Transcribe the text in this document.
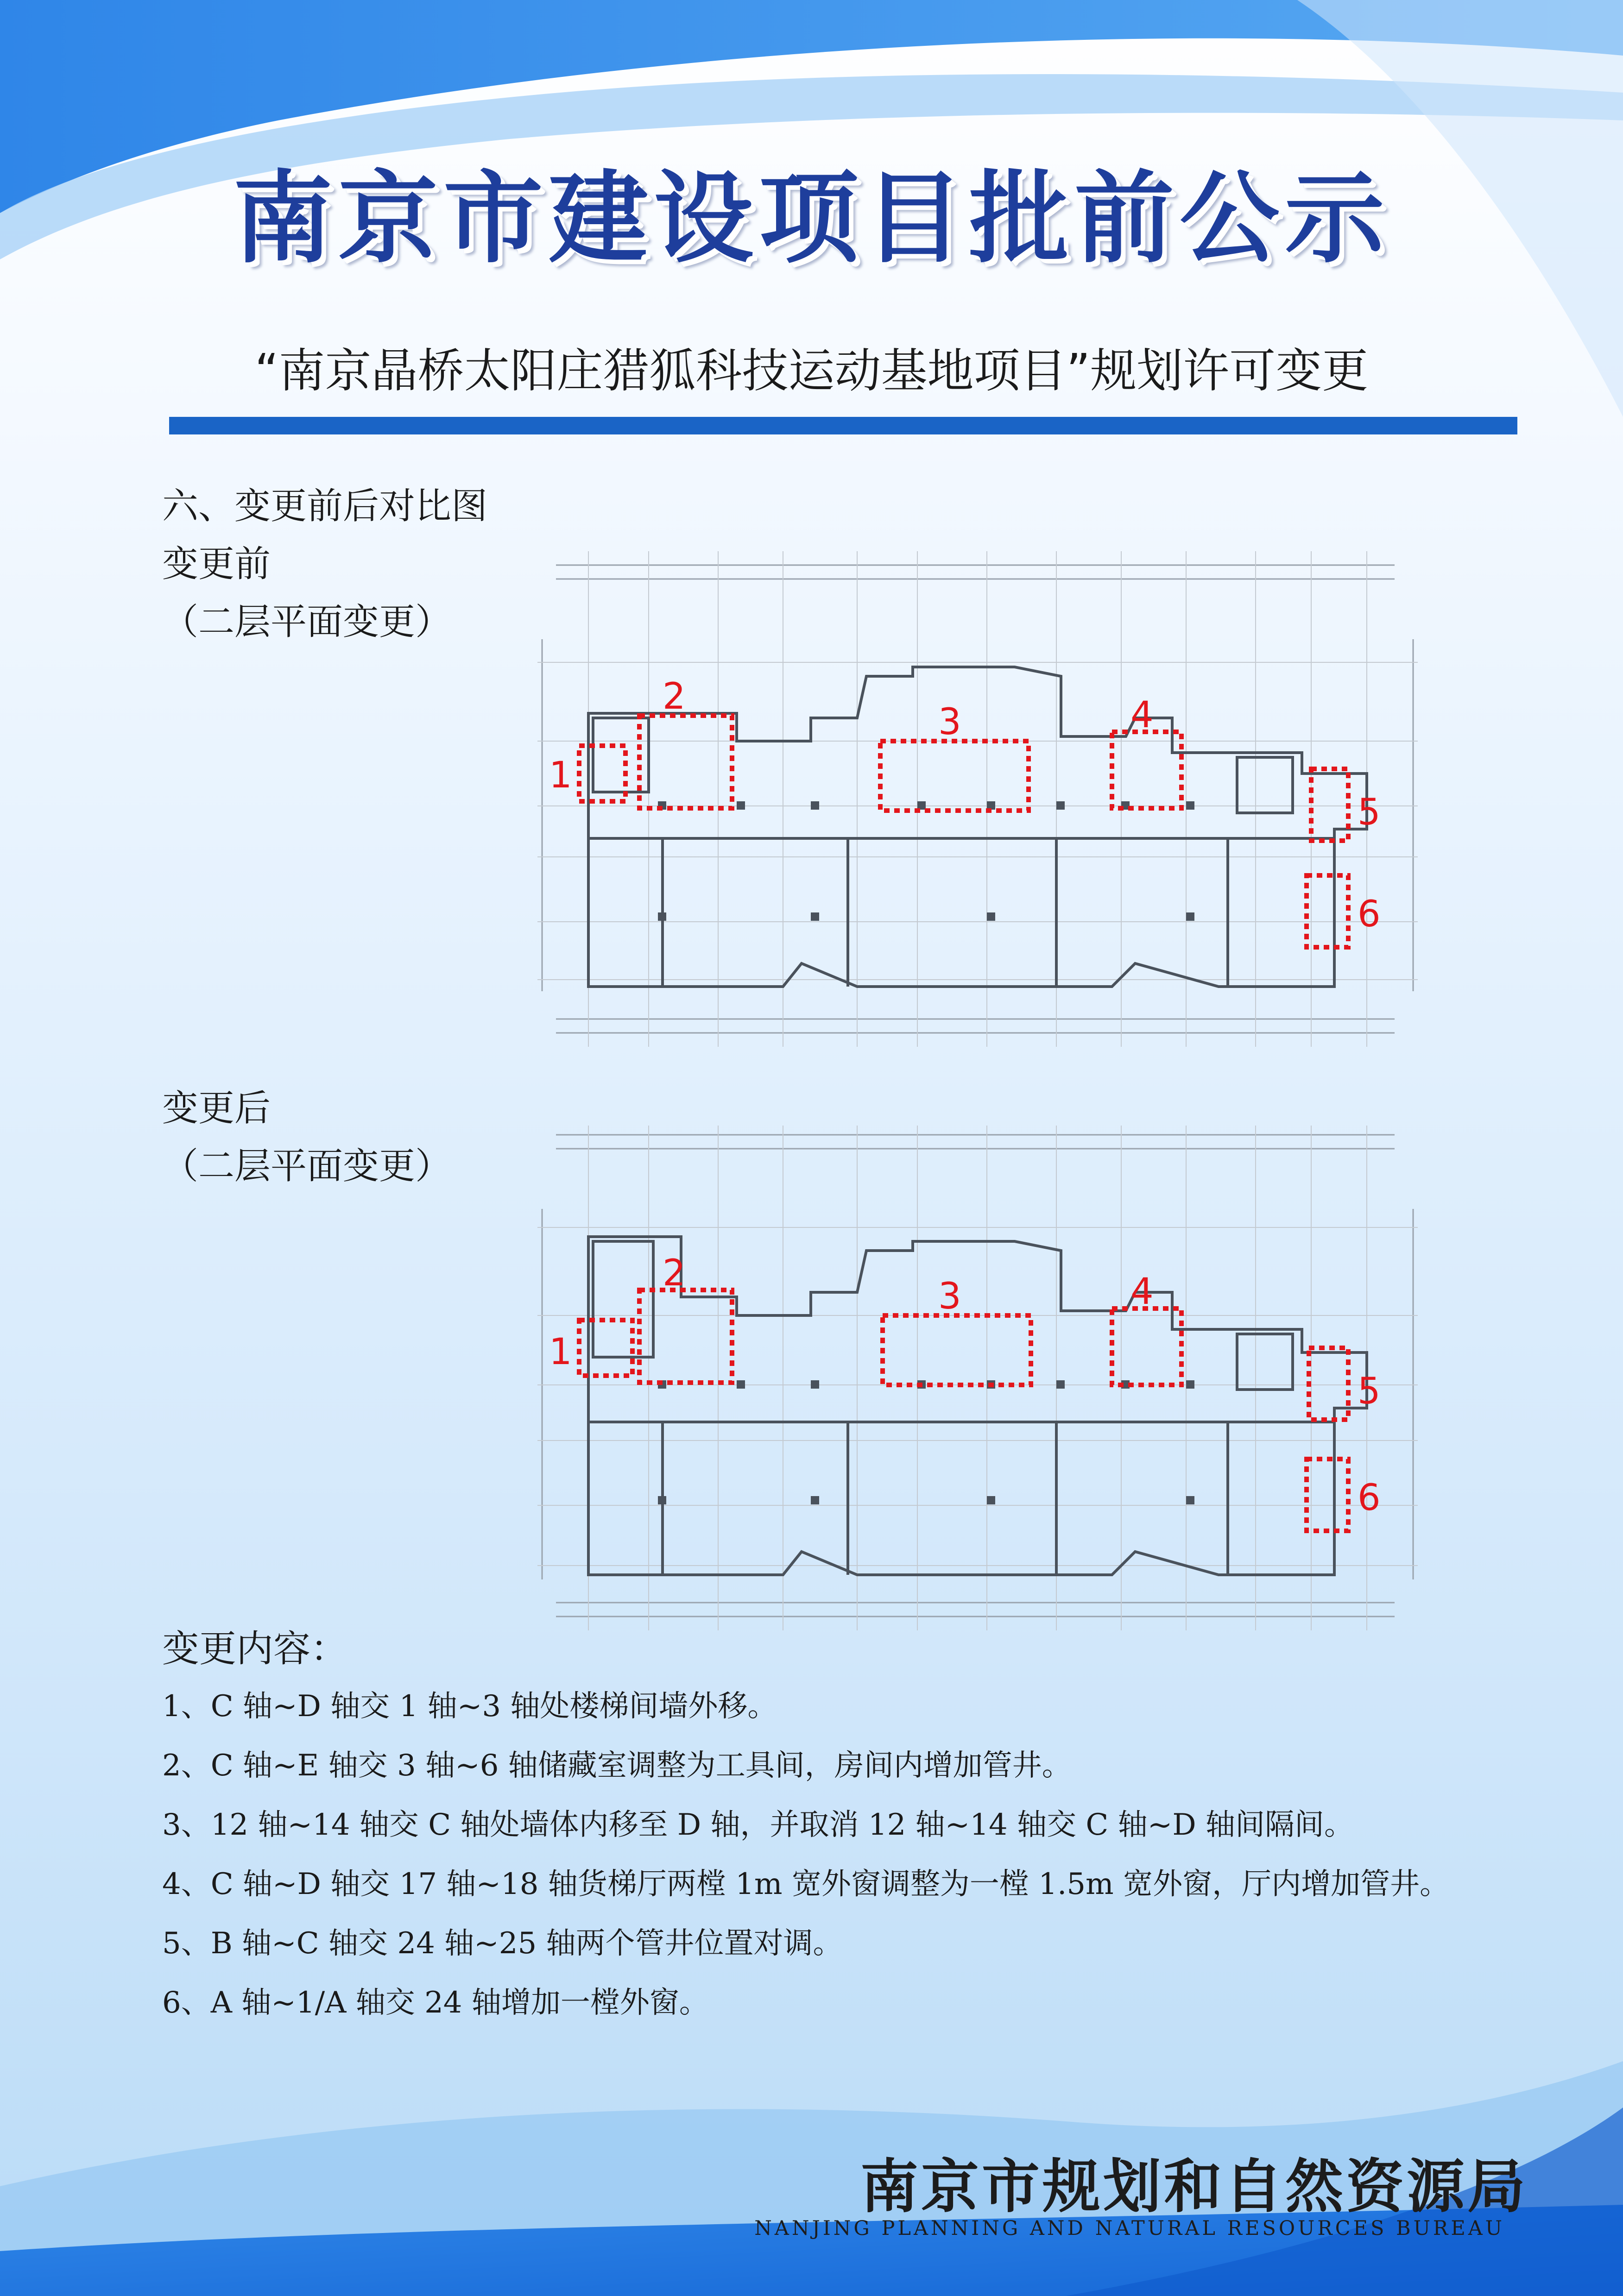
南京市建设项目批前公示

“南京晶桥太阳庄猎狐科技运动基地项目”规划许可变更

六、变更前后对比图

变更前

（二层平面变更）

1
2
3	4
5
6

变更后

（二层平面变更）

1
2
3	4
5
6

变更内容：

1、C 轴~D 轴交 1 轴~3 轴处楼梯间墙外移。
2、C 轴~E 轴交 3 轴~6 轴储藏室调整为工具间，房间内增加管井。
3、12 轴~14 轴交 C 轴处墙体内移至 D 轴，并取消 12 轴~14 轴交 C 轴~D 轴间隔间。
4、C 轴~D 轴交 17 轴~18 轴货梯厅两樘 1m 宽外窗调整为一樘 1.5m 宽外窗，厅内增加管井。
5、B 轴~C 轴交 24 轴~25 轴两个管井位置对调。
6、A 轴~1/A 轴交 24 轴增加一樘外窗。

南京市规划和自然资源局

NANJING PLANNING AND NATURAL RESOURCES BUREAU
